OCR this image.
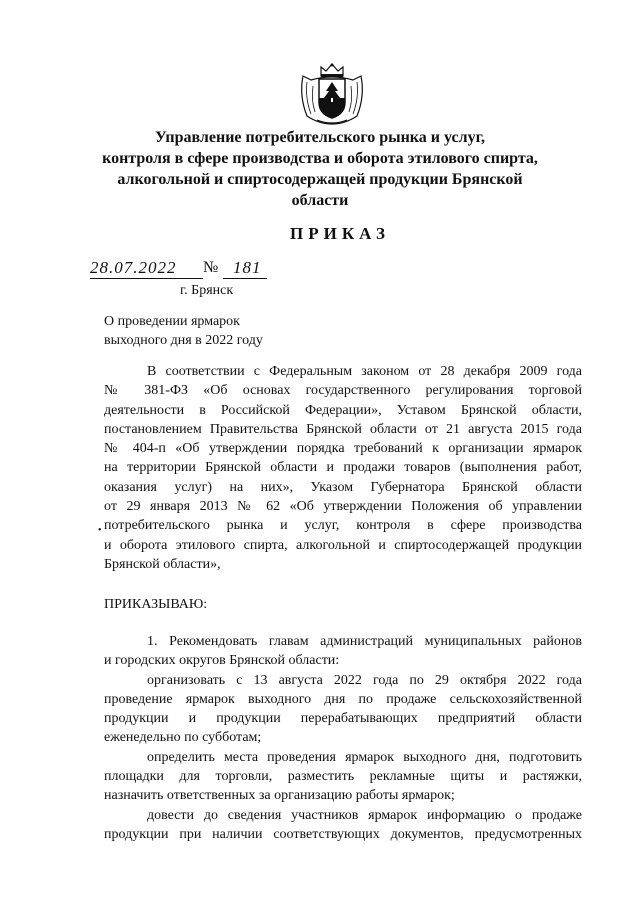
Управление потребительского рынка и услуг,
контроля в сфере производства и оборота этилового спирта,
алкогольной и спиртосодержащей продукции Брянской
области
ПРИКАЗ
28.07.2022 № 181
г. Брянск
О проведении ярмарок
выходного дня в 2022 году
В соответствии с Федеральным законом от 28 декабря 2009 года
№ 381-ФЗ «Об основах государственного регулирования торговой
деятельности в Российской Федерации», Уставом Брянской области,
постановлением Правительства Брянской области от 21 августа 2015 года
№ 404-п «Об утверждении порядка требований к организации ярмарок
на территории Брянской области и продажи товаров (выполнения работ,
оказания услуг) на них», Указом Губернатора Брянской области
от 29 января 2013 № 62 «Об утверждении Положения об управлении
потребительского рынка и услуг, контроля в сфере производства
и оборота этилового спирта, алкогольной и спиртосодержащей продукции
Брянской области»,
•
ПРИКАЗЫВАЮ:
1. Рекомендовать главам администраций муниципальных районов
и городских округов Брянской области:
организовать с 13 августа 2022 года по 29 октября 2022 года
проведение ярмарок выходного дня по продаже сельскохозяйственной
продукции и продукции перерабатывающих предприятий области
еженедельно по субботам;
определить места проведения ярмарок выходного дня, подготовить
площадки для торговли, разместить рекламные щиты и растяжки,
назначить ответственных за организацию работы ярмарок;
довести до сведения участников ярмарок информацию о продаже
продукции при наличии соответствующих документов, предусмотренных
